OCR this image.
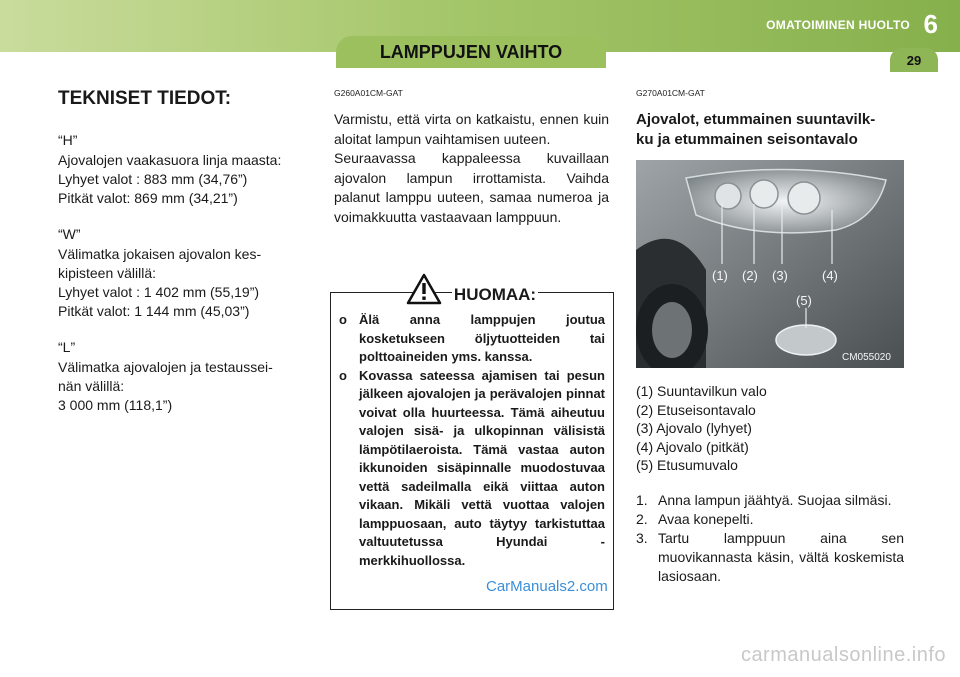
OMATOIMINEN HUOLTO 6
LAMPPUJEN VAIHTO	29
TEKNISET TIEDOT:
“H”
Ajovalojen vaakasuora linja maasta:
Lyhyet valot : 883 mm (34,76”)
Pitkät valot: 869 mm (34,21”)
“W”
Välimatka jokaisen ajovalon kes-
kipisteen välillä:
Lyhyet valot : 1 402 mm (55,19”)
Pitkät valot: 1 144 mm (45,03”)
“L”
Välimatka ajovalojen ja testaussei-
nän välillä:
3 000 mm (118,1”)
G260A01CM-GAT

Varmistu, että virta on katkaistu, ennen kuin aloitat lampun vaihtamisen uuteen.

Seuraavassa kappaleessa kuvaillaan ajovalon lampun irrottamista. Vaihda palanut lamppu uuteen, samaa numeroa ja voimakkuutta vastaavaan lamppuun.

HUOMAA:
o Älä anna lamppujen joutua kosketukseen öljytuotteiden tai polttoaineiden yms. kanssa.
o Kovassa sateessa ajamisen tai pesun jälkeen ajovalojen ja perävalojen pinnat voivat olla huurteessa. Tämä aiheutuu valojen sisä- ja ulkopinnan välisistä lämpötilaeroista. Tämä vastaa auton ikkunoiden sisäpinnalle muodostuvaa vettä sadeilmalla eikä viittaa auton vikaan. Mikäli vettä vuottaa valojen lamppuosaan, auto täytyy tarkistuttaa valtuutetussa Hyundai -merkkihuollossa.
CarManuals2.com
G270A01CM-GAT
Ajovalot, etummainen suuntavilk-
ku ja etummainen seisontavalo
(1) (2) (3)	(4)
(5)
CM055020
(1) Suuntavilkun valo
(2) Etuseisontavalo
(3) Ajovalo (lyhyet)
(4) Ajovalo (pitkät)
(5) Etusumuvalo
1. Anna lampun jäähtyä. Suojaa silmäsi.
2. Avaa konepelti.
3. Tartu lamppuun aina sen muovikannasta käsin, vältä koskemista lasiosaan.
carmanualsonline.info
